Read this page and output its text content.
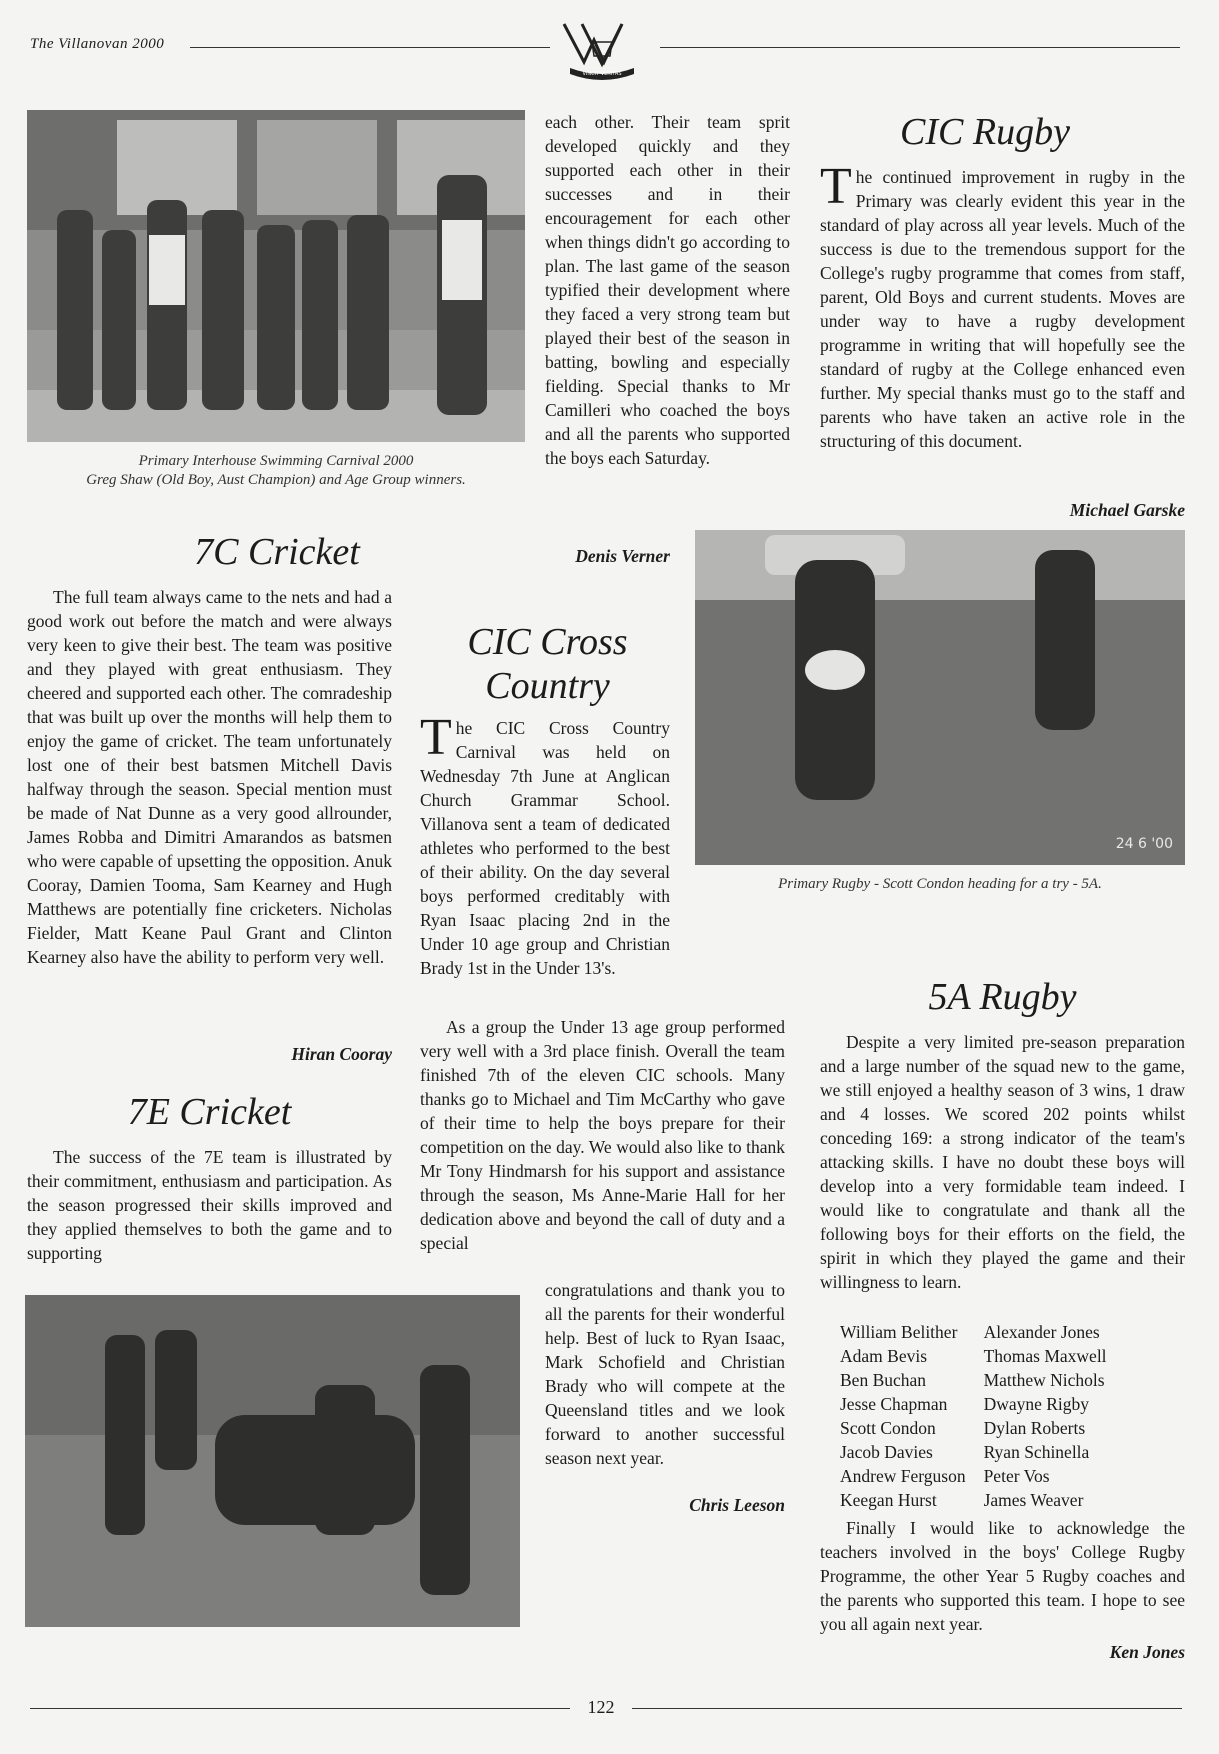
The Villanovan 2000
VINCIT VERITAS
Primary Interhouse Swimming Carnival 2000
Greg Shaw (Old Boy, Aust Champion) and Age Group winners.
7C Cricket

The full team always came to the nets and had a good work out before the match and were always very keen to give their best. The team was positive and they played with great enthusiasm. They cheered and supported each other. The comradeship that was built up over the months will help them to enjoy the game of cricket. The team unfortunately lost one of their best batsmen Mitchell Davis halfway through the season. Special mention must be made of Nat Dunne as a very good allrounder, James Robba and Dimitri Amarandos as batsmen who were capable of upsetting the opposition. Anuk Cooray, Damien Tooma, Sam Kearney and Hugh Matthews are potentially fine cricketers. Nicholas Fielder, Matt Keane Paul Grant and Clinton Kearney also have the ability to perform very well.

Hiran Cooray
7E Cricket

The success of the 7E team is illustrated by their commitment, enthusiasm and participation. As the season progressed their skills improved and they applied themselves to both the game and to supporting

each other. Their team sprit developed quickly and they supported each other in their successes and in their encouragement for each other when things didn't go according to plan. The last game of the season typified their development where they faced a very strong team but played their best of the season in batting, bowling and especially fielding. Special thanks to Mr Camilleri who coached the boys and all the parents who supported the boys each Saturday.

Denis Verner
CIC Cross
Country

The CIC Cross Country Carnival was held on Wednesday 7th June at Anglican Church Grammar School. Villanova sent a team of dedicated athletes who performed to the best of their ability. On the day several boys performed creditably with Ryan Isaac placing 2nd in the Under 10 age group and Christian Brady 1st in the Under 13's.

As a group the Under 13 age group performed very well with a 3rd place finish. Overall the team finished 7th of the eleven CIC schools. Many thanks go to Michael and Tim McCarthy who gave of their time to help the boys prepare for their competition on the day. We would also like to thank Mr Tony Hindmarsh for his support and assistance through the season, Ms Anne-Marie Hall for her dedication above and beyond the call of duty and a special

congratulations and thank you to all the parents for their wonderful help. Best of luck to Ryan Isaac, Mark Schofield and Christian Brady who will compete at the Queensland titles and we look forward to another successful season next year.

Chris Leeson
CIC Rugby

The continued improvement in rugby in the Primary was clearly evident this year in the standard of play across all year levels. Much of the success is due to the tremendous support for the College's rugby programme that comes from staff, parent, Old Boys and current students. Moves are under way to have a rugby development programme in writing that will hopefully see the standard of rugby at the College enhanced even further. My special thanks must go to the staff and parents who have taken an active role in the structuring of this document.

Michael Garske
24 6 '00
Primary Rugby - Scott Condon heading for a try - 5A.
5A Rugby

Despite a very limited pre-season preparation and a large number of the squad new to the game, we still enjoyed a healthy season of 3 wins, 1 draw and 4 losses. We scored 202 points whilst conceding 169: a strong indicator of the team's attacking skills. I have no doubt these boys will develop into a very formidable team indeed. I would like to congratulate and thank all the following boys for their efforts on the field, the spirit in which they played the game and their willingness to learn.

William Belither	Alexander Jones
Adam Bevis	Thomas Maxwell
Ben Buchan	Matthew Nichols
Jesse Chapman	Dwayne Rigby
Scott Condon	Dylan Roberts
Jacob Davies	Ryan Schinella
Andrew Ferguson	Peter Vos
Keegan Hurst	James Weaver

Finally I would like to acknowledge the teachers involved in the boys' College Rugby Programme, the other Year 5 Rugby coaches and the parents who supported this team. I hope to see you all again next year.

Ken Jones
122
